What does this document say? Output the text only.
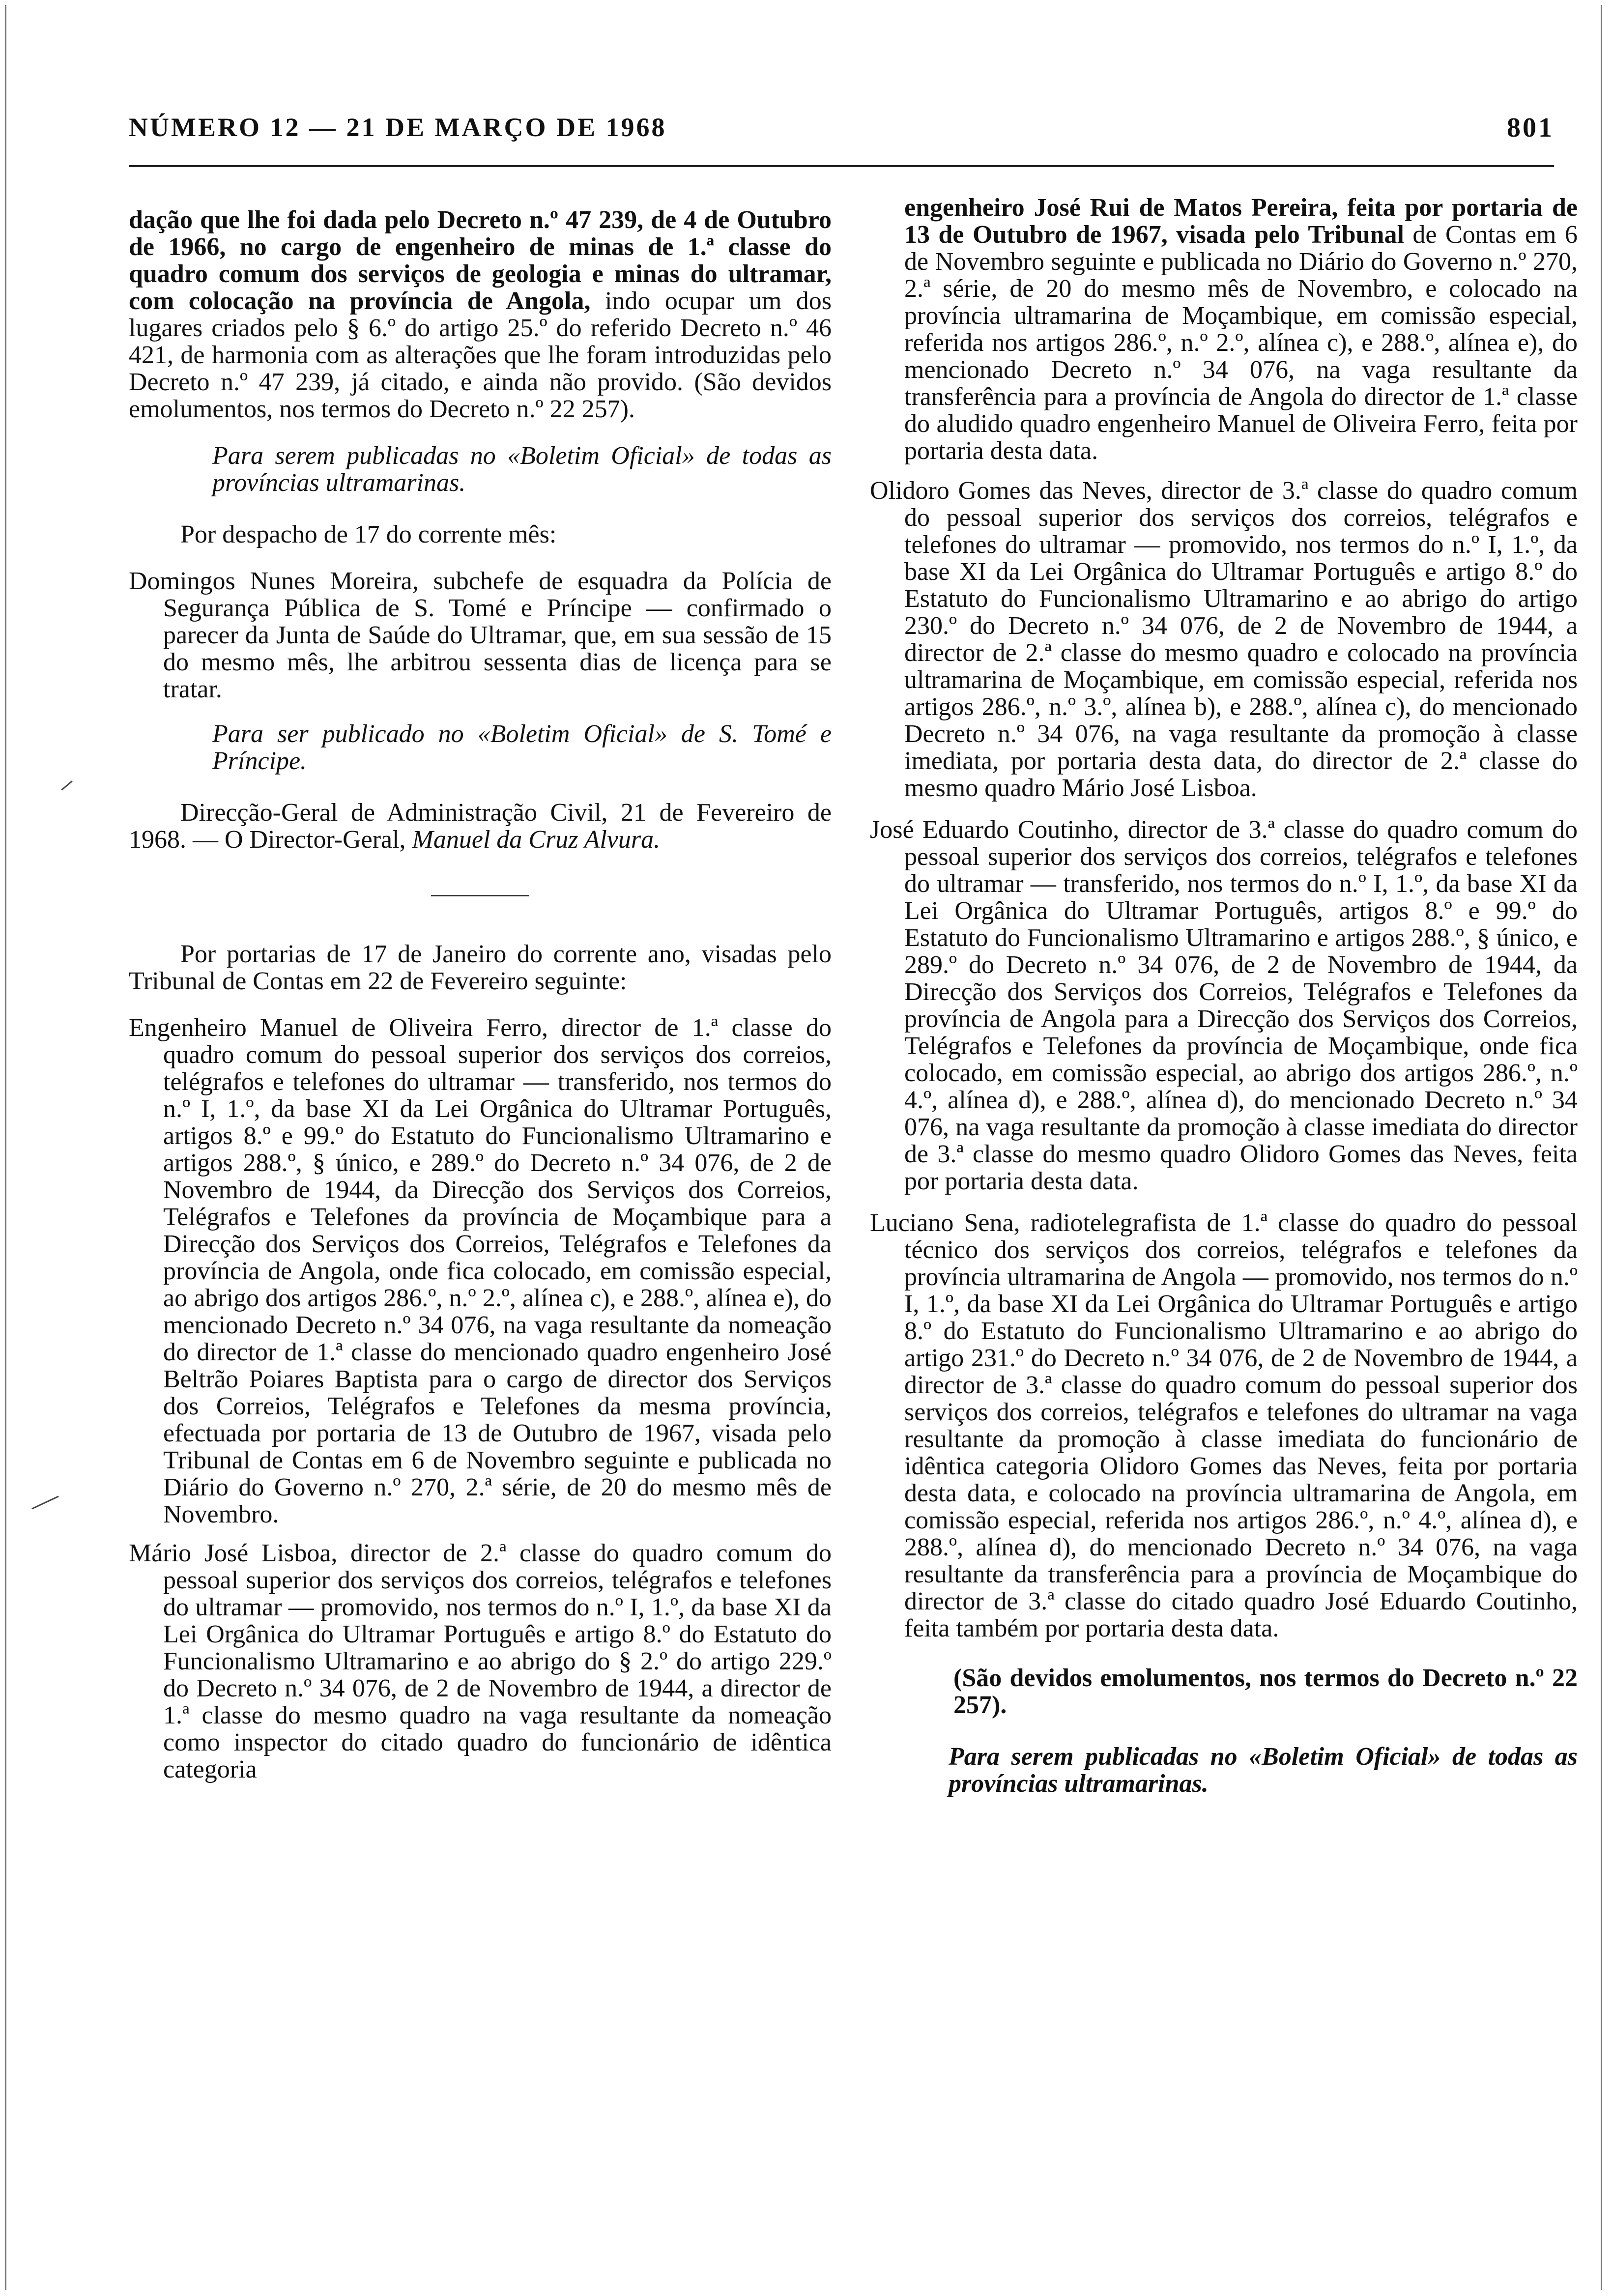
NÚMERO 12 — 21 DE MARÇO DE 1968	801

dação que lhe foi dada pelo Decreto n.º 47 239, de 4 de Outubro de 1966, no cargo de engenheiro de minas de 1.ª classe do quadro comum dos serviços de geologia e minas do ultramar, com colocação na província de Angola, indo ocupar um dos lugares criados pelo § 6.º do artigo 25.º do referido Decreto n.º 46 421, de harmonia com as alterações que lhe foram introduzidas pelo Decreto n.º 47 239, já citado, e ainda não provido. (São devidos emolumentos, nos termos do Decreto n.º 22 257).

Para serem publicadas no «Boletim Oficial» de todas as províncias ultramarinas.

Por despacho de 17 do corrente mês:

Domingos Nunes Moreira, subchefe de esquadra da Polícia de Segurança Pública de S. Tomé e Príncipe — confirmado o parecer da Junta de Saúde do Ultramar, que, em sua sessão de 15 do mesmo mês, lhe arbitrou sessenta dias de licença para se tratar.

Para ser publicado no «Boletim Oficial» de S. Tomé e Príncipe.

Direcção-Geral de Administração Civil, 21 de Fevereiro de 1968. — O Director-Geral, Manuel da Cruz Alvura.

Por portarias de 17 de Janeiro do corrente ano, visadas pelo Tribunal de Contas em 22 de Fevereiro seguinte:

Engenheiro Manuel de Oliveira Ferro, director de 1.ª classe do quadro comum do pessoal superior dos serviços dos correios, telégrafos e telefones do ultramar — transferido, nos termos do n.º I, 1.º, da base XI da Lei Orgânica do Ultramar Português, artigos 8.º e 99.º do Estatuto do Funcionalismo Ultramarino e artigos 288.º, § único, e 289.º do Decreto n.º 34 076, de 2 de Novembro de 1944, da Direcção dos Serviços dos Correios, Telégrafos e Telefones da província de Moçambique para a Direcção dos Serviços dos Correios, Telégrafos e Telefones da província de Angola, onde fica colocado, em comissão especial, ao abrigo dos artigos 286.º, n.º 2.º, alínea c), e 288.º, alínea e), do mencionado Decreto n.º 34 076, na vaga resultante da nomeação do director de 1.ª classe do mencionado quadro engenheiro José Beltrão Poiares Baptista para o cargo de director dos Serviços dos Correios, Telégrafos e Telefones da mesma província, efectuada por portaria de 13 de Outubro de 1967, visada pelo Tribunal de Contas em 6 de Novembro seguinte e publicada no Diário do Governo n.º 270, 2.ª série, de 20 do mesmo mês de Novembro.

Mário José Lisboa, director de 2.ª classe do quadro comum do pessoal superior dos serviços dos correios, telégrafos e telefones do ultramar — promovido, nos termos do n.º I, 1.º, da base XI da Lei Orgânica do Ultramar Português e artigo 8.º do Estatuto do Funcionalismo Ultramarino e ao abrigo do § 2.º do artigo 229.º do Decreto n.º 34 076, de 2 de Novembro de 1944, a director de 1.ª classe do mesmo quadro na vaga resultante da nomeação como inspector do citado quadro do funcionário de idêntica categoria

engenheiro José Rui de Matos Pereira, feita por portaria de 13 de Outubro de 1967, visada pelo Tribunal de Contas em 6 de Novembro seguinte e publicada no Diário do Governo n.º 270, 2.ª série, de 20 do mesmo mês de Novembro, e colocado na província ultramarina de Moçambique, em comissão especial, referida nos artigos 286.º, n.º 2.º, alínea c), e 288.º, alínea e), do mencionado Decreto n.º 34 076, na vaga resultante da transferência para a província de Angola do director de 1.ª classe do aludido quadro engenheiro Manuel de Oliveira Ferro, feita por portaria desta data.

Olidoro Gomes das Neves, director de 3.ª classe do quadro comum do pessoal superior dos serviços dos correios, telégrafos e telefones do ultramar — promovido, nos termos do n.º I, 1.º, da base XI da Lei Orgânica do Ultramar Português e artigo 8.º do Estatuto do Funcionalismo Ultramarino e ao abrigo do artigo 230.º do Decreto n.º 34 076, de 2 de Novembro de 1944, a director de 2.ª classe do mesmo quadro e colocado na província ultramarina de Moçambique, em comissão especial, referida nos artigos 286.º, n.º 3.º, alínea b), e 288.º, alínea c), do mencionado Decreto n.º 34 076, na vaga resultante da promoção à classe imediata, por portaria desta data, do director de 2.ª classe do mesmo quadro Mário José Lisboa.

José Eduardo Coutinho, director de 3.ª classe do quadro comum do pessoal superior dos serviços dos correios, telégrafos e telefones do ultramar — transferido, nos termos do n.º I, 1.º, da base XI da Lei Orgânica do Ultramar Português, artigos 8.º e 99.º do Estatuto do Funcionalismo Ultramarino e artigos 288.º, § único, e 289.º do Decreto n.º 34 076, de 2 de Novembro de 1944, da Direcção dos Serviços dos Correios, Telégrafos e Telefones da província de Angola para a Direcção dos Serviços dos Correios, Telégrafos e Telefones da província de Moçambique, onde fica colocado, em comissão especial, ao abrigo dos artigos 286.º, n.º 4.º, alínea d), e 288.º, alínea d), do mencionado Decreto n.º 34 076, na vaga resultante da promoção à classe imediata do director de 3.ª classe do mesmo quadro Olidoro Gomes das Neves, feita por portaria desta data.

Luciano Sena, radiotelegrafista de 1.ª classe do quadro do pessoal técnico dos serviços dos correios, telégrafos e telefones da província ultramarina de Angola — promovido, nos termos do n.º I, 1.º, da base XI da Lei Orgânica do Ultramar Português e artigo 8.º do Estatuto do Funcionalismo Ultramarino e ao abrigo do artigo 231.º do Decreto n.º 34 076, de 2 de Novembro de 1944, a director de 3.ª classe do quadro comum do pessoal superior dos serviços dos correios, telégrafos e telefones do ultramar na vaga resultante da promoção à classe imediata do funcionário de idêntica categoria Olidoro Gomes das Neves, feita por portaria desta data, e colocado na província ultramarina de Angola, em comissão especial, referida nos artigos 286.º, n.º 4.º, alínea d), e 288.º, alínea d), do mencionado Decreto n.º 34 076, na vaga resultante da transferência para a província de Moçambique do director de 3.ª classe do citado quadro José Eduardo Coutinho, feita também por portaria desta data.

(São devidos emolumentos, nos termos do Decreto n.º 22 257).

Para serem publicadas no «Boletim Oficial» de todas as províncias ultramarinas.
